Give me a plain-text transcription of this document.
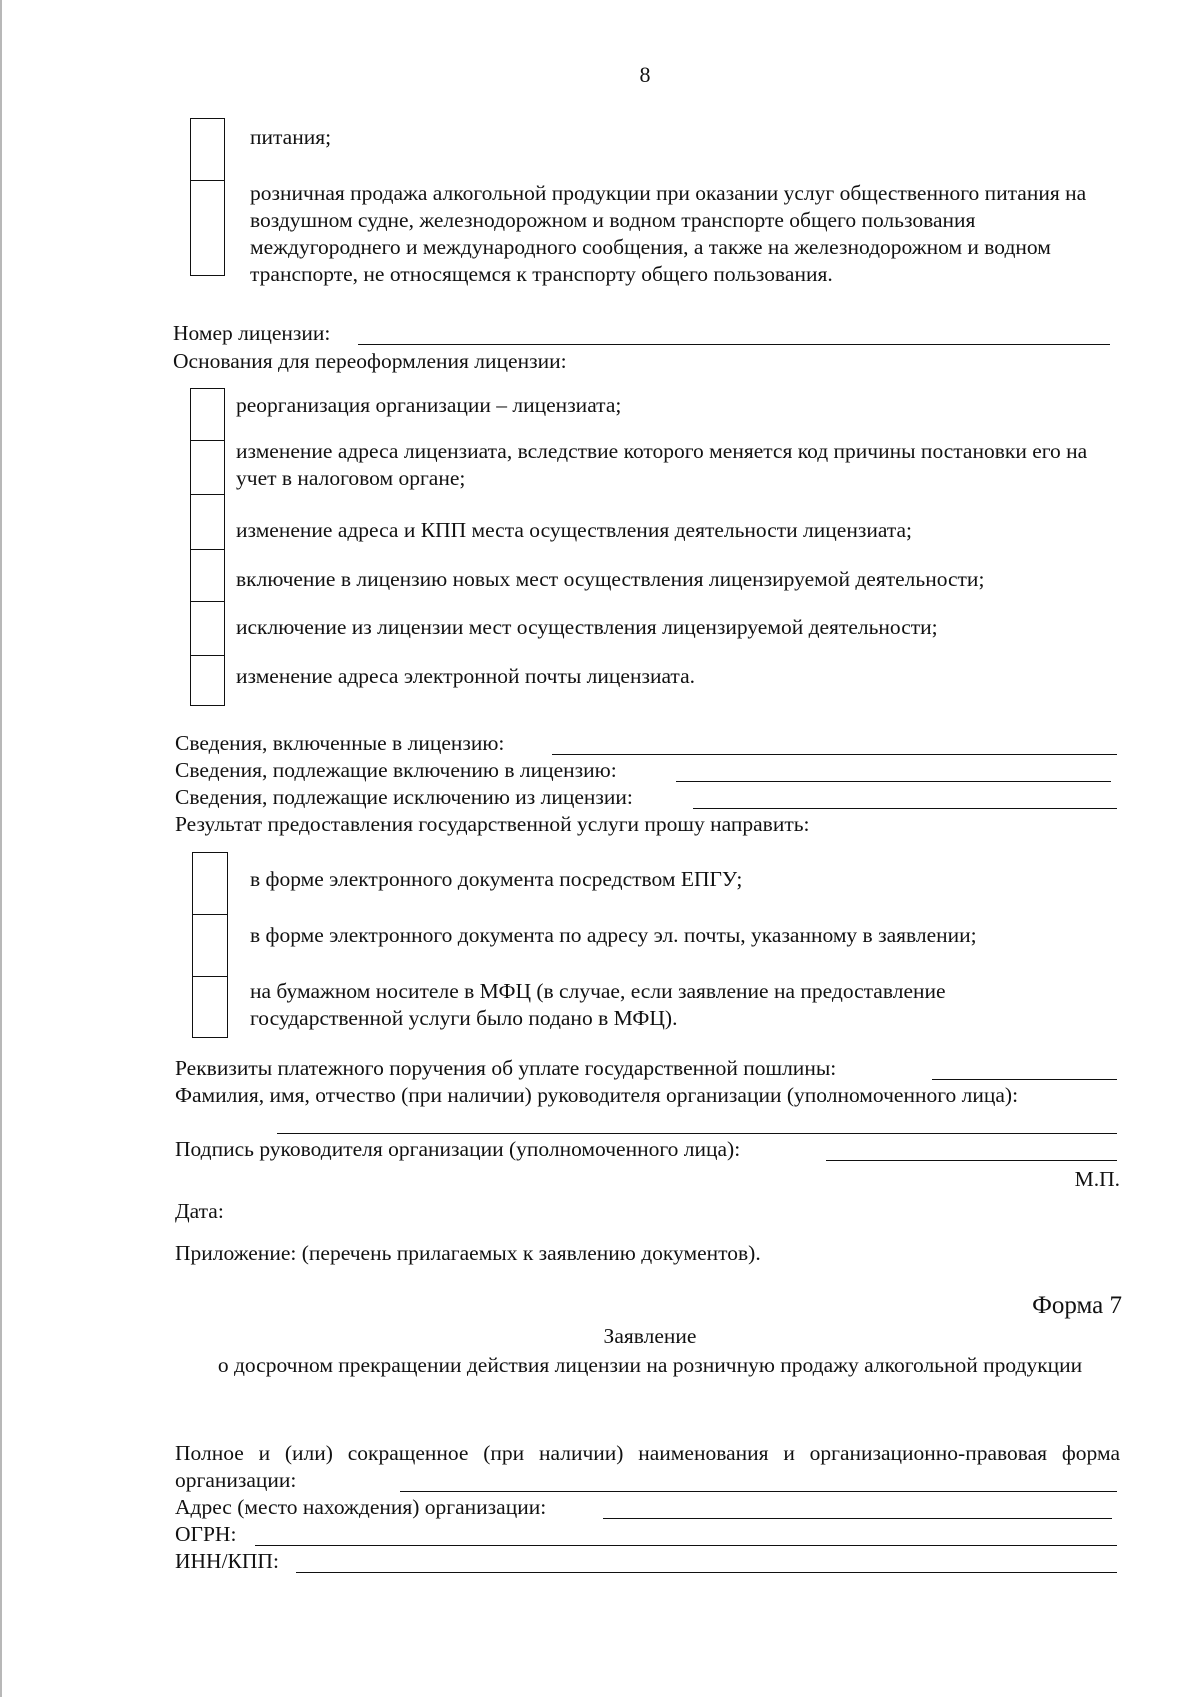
8
питания;
розничная продажа алкогольной продукции при оказании услуг общественного питания на воздушном судне, железнодорожном и водном транспорте общего пользования междугороднего и международного сообщения, а также на железнодорожном и водном транспорте, не относящемся к транспорту общего пользования.
Номер лицензии:
Основания для переоформления лицензии:
реорганизация организации – лицензиата;
изменение адреса лицензиата, вследствие которого меняется код причины постановки его на учет в налоговом органе;
изменение адреса и КПП места осуществления деятельности лицензиата;
включение в лицензию новых мест осуществления лицензируемой деятельности;
исключение из лицензии мест осуществления лицензируемой деятельности;
изменение адреса электронной почты лицензиата.
Сведения, включенные в лицензию:
Сведения, подлежащие включению в лицензию:
Сведения, подлежащие исключению из лицензии:
Результат предоставления государственной услуги прошу направить:
в форме электронного документа посредством ЕПГУ;
в форме электронного документа по адресу эл. почты, указанному в заявлении;
на бумажном носителе в МФЦ (в случае, если заявление на предоставление государственной услуги было подано в МФЦ).
Реквизиты платежного поручения об уплате государственной пошлины:
Фамилия, имя, отчество (при наличии) руководителя организации (уполномоченного лица):
Подпись руководителя организации (уполномоченного лица):
М.П.
Дата:
Приложение: (перечень прилагаемых к заявлению документов).
Форма 7
Заявление
о досрочном прекращении действия лицензии на розничную продажу алкогольной продукции
Полное и (или) сокращенное (при наличии) наименования и организационно-правовая форма организации:
Адрес (место нахождения) организации:
ОГРН:
ИНН/КПП:
